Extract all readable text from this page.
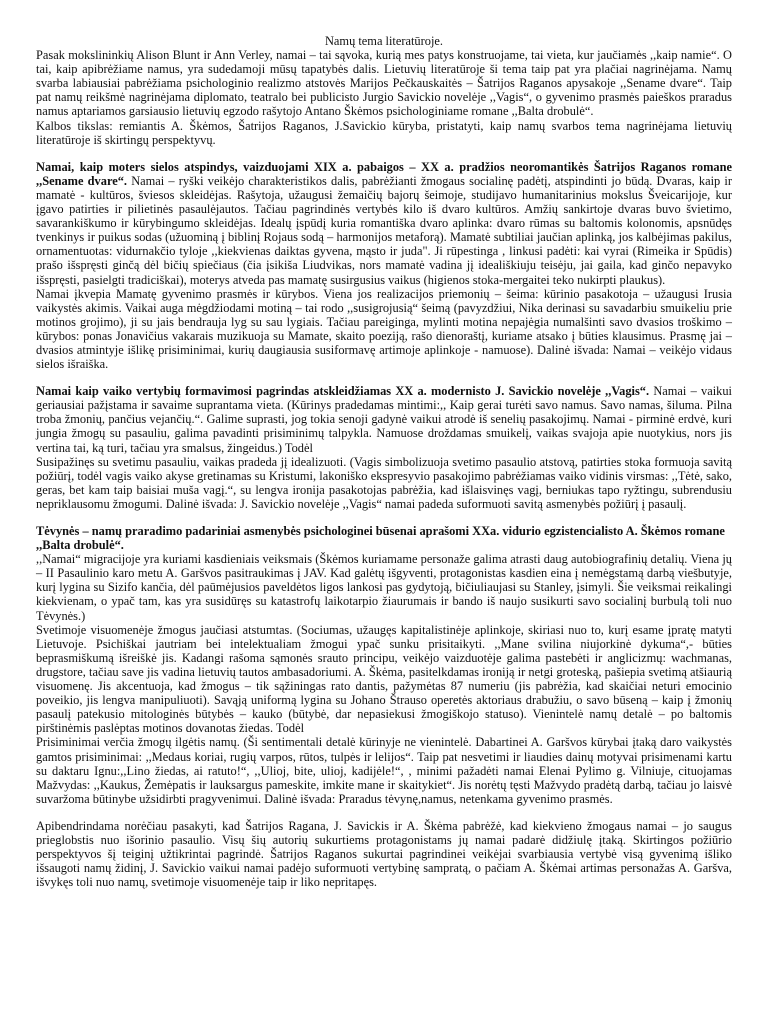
Namų tema literatūroje.

Pasak mokslininkių Alison Blunt ir Ann Verley, namai – tai sąvoka, kurią mes patys konstruojame, tai vieta, kur jaučiamės ,,kaip namie“. O tai, kaip apibrėžiame namus, yra sudedamoji mūsų tapatybės dalis. Lietuvių literatūroje ši tema taip pat yra plačiai nagrinėjama. Namų svarba labiausiai pabrėžiama psichologinio realizmo atstovės Marijos Pečkauskaitės – Šatrijos Raganos apysakoje ,,Sename dvare“. Taip pat namų reikšmė nagrinėjama diplomato, teatralo bei publicisto Jurgio Savickio novelėje ,,Vagis“, o gyvenimo prasmės paieškos praradus namus aptariamos garsiausio lietuvių egzodo rašytojo Antano Škėmos psichologiniame romane ,,Balta drobulė“.

Kalbos tikslas: remiantis A. Škėmos, Šatrijos Raganos, J.Savickio kūryba, pristatyti, kaip namų svarbos tema nagrinėjama lietuvių literatūroje iš skirtingų perspektyvų.

Namai, kaip moters sielos atspindys, vaizduojami XIX a. pabaigos – XX a. pradžios neoromantikės Šatrijos Raganos romane ,,Sename dvare“. Namai – ryški veikėjo charakteristikos dalis, pabrėžianti žmogaus socialinę padėtį, atspindinti jo būdą. Dvaras, kaip ir mamatė - kultūros, šviesos skleidėjas. Rašytoja, užaugusi žemaičių bajorų šeimoje, studijavo humanitarinius mokslus Šveicarijoje, kur įgavo patirties ir pilietinės pasaulėjautos. Tačiau pagrindinės vertybės kilo iš dvaro kultūros. Amžių sankirtoje dvaras buvo švietimo, savarankiškumo ir kūrybingumo skleidėjas. Idealų įspūdį kuria romantiška dvaro aplinka: dvaro rūmas su baltomis kolonomis, apsnūdęs tvenkinys ir puikus sodas (užuominą į biblinį Rojaus sodą – harmonijos metaforą). Mamatė subtiliai jaučian aplinką, jos kalbėjimas pakilus, ornamentuotas: vidurnakčio tyloje ,,kiekvienas daiktas gyvena, mąsto ir juda". Ji rūpestinga , linkusi padėti: kai vyrai (Rimeika ir Spūdis) prašo išspręsti ginčą dėl bičių spiečiaus (čia įsikiša Liudvikas, nors mamatė vadina jį ideališkiuju teisėju, jai gaila, kad ginčo nepavyko išspręsti, pasielgti tradiciškai), moterys atveda pas mamatę susirgusius vaikus (higienos stoka-mergaitei teko nukirpti plaukus).

Namai įkvepia Mamatę gyvenimo prasmės ir kūrybos. Viena jos realizacijos priemonių – šeima: kūrinio pasakotoja – užaugusi Irusia vaikystės akimis. Vaikai auga mėgdžiodami motiną – tai rodo ,,susigrojusią“ šeimą (pavyzdžiui, Nika derinasi su savadarbiu smuikeliu prie motinos grojimo), ji su jais bendrauja lyg su sau lygiais. Tačiau pareiginga, mylinti motina nepajėgia numalšinti savo dvasios troškimo – kūrybos: ponas Jonavičius vakarais muzikuoja su Mamate, skaito poeziją, rašo dienoraštį, kuriame atsako į būties klausimus. Prasmę jai – dvasios atmintyje išlikę prisiminimai, kurių daugiausia susiformavę artimoje aplinkoje - namuose). Dalinė išvada: Namai – veikėjo vidaus sielos išraiška.

Namai kaip vaiko vertybių formavimosi pagrindas atskleidžiamas XX a. modernisto J. Savickio novelėje ,,Vagis“. Namai – vaikui geriausiai pažįstama ir savaime suprantama vieta. (Kūrinys pradedamas mintimi:,, Kaip gerai turėti savo namus. Savo namas, šiluma. Pilna troba žmonių, pančius vejančių.“. Galime suprasti, jog tokia senoji gadynė vaikui atrodė iš senelių pasakojimų. Namai - pirminė erdvė, kuri jungia žmogų su pasauliu, galima pavadinti prisiminimų talpykla. Namuose droždamas smuikelį, vaikas svajoja apie nuotykius, nors jis vertina tai, ką turi, tačiau yra smalsus, žingeidus.) Todėl

Susipažinęs su svetimu pasauliu, vaikas pradeda jį idealizuoti. (Vagis simbolizuoja svetimo pasaulio atstovą, patirties stoka formuoja savitą požiūrį, todėl vagis vaiko akyse gretinamas su Kristumi, lakoniško ekspresyvio pasakojimo pabrėžiamas vaiko vidinis virsmas: ,,Tėtė, sako, geras, bet kam taip baisiai muša vagį.“, su lengva ironija pasakotojas pabrėžia, kad išlaisvinęs vagį, berniukas tapo ryžtingu, subrendusiu nepriklausomu žmogumi. Dalinė išvada: J. Savickio novelėje ,,Vagis“ namai padeda suformuoti savitą asmenybės požiūrį į pasaulį.

Tėvynės – namų praradimo padariniai asmenybės psichologinei būsenai aprašomi XXa. vidurio egzistencialisto A. Škėmos romane ,,Balta drobulė“.

,,Namai“ migracijoje yra kuriami kasdieniais veiksmais (Škėmos kuriamame personaže galima atrasti daug autobiografinių detalių. Viena jų – II Pasaulinio karo metu A. Garšvos pasitraukimas į JAV. Kad galėtų išgyventi, protagonistas kasdien eina į nemėgstamą darbą viešbutyje, kurį lygina su Sizifo kančia, dėl paūmėjusios paveldėtos ligos lankosi pas gydytoją, bičiuliaujasi su Stanley, įsimyli. Šie veiksmai reikalingi kiekvienam, o ypač tam, kas yra susidūręs su katastrofų laikotarpio žiaurumais ir bando iš naujo susikurti savo socialinį burbulą toli nuo Tėvynės.)

Svetimoje visuomenėje žmogus jaučiasi atstumtas. (Sociumas, užaugęs kapitalistinėje aplinkoje, skiriasi nuo to, kurį esame įpratę matyti Lietuvoje. Psichiškai jautriam bei intelektualiam žmogui ypač sunku prisitaikyti. ,,Mane svilina niujorkinė dykuma“,- būties beprasmiškumą išreiškė jis. Kadangi rašoma sąmonės srauto principu, veikėjo vaizduotėje galima pastebėti ir anglicizmų: wachmanas, drugstore, tačiau save jis vadina lietuvių tautos ambasadoriumi. A. Škėma, pasitelkdamas ironiją ir netgi groteską, pašiepia svetimą atšiaurią visuomenę. Jis akcentuoja, kad žmogus – tik sąžiningas rato dantis, pažymėtas 87 numeriu (jis pabrėžia, kad skaičiai neturi emocinio poveikio, jis lengva manipuliuoti). Savąją uniformą lygina su Johano Štrauso operetės aktoriaus drabužiu, o savo būseną – kaip į žmonių pasaulį patekusio mitologinės būtybės – kauko (būtybė, dar nepasiekusi žmogiškojo statuso). Vienintelė namų detalė – po baltomis pirštinėmis paslėptas motinos dovanotas žiedas. Todėl

Prisiminimai verčia žmogų ilgėtis namų. (Ši sentimentali detalė kūrinyje ne vienintelė. Dabartinei A. Garšvos kūrybai įtaką daro vaikystės gamtos prisiminimai: ,,Medaus koriai, rugių varpos, rūtos, tulpės ir lelijos“. Taip pat nesvetimi ir liaudies dainų motyvai prisimenami kartu su daktaru Ignu:,,Lino žiedas, ai ratuto!“, ,,Ulioj, bite, ulioj, kadijėle!“, , minimi pažadėti namai Elenai Pylimo g. Vilniuje, cituojamas Mažvydas: ,,Kaukus, Žemėpatis ir lauksargus pameskite, imkite mane ir skaitykiet“. Jis norėtų tęsti Mažvydo pradėtą darbą, tačiau jo laisvė suvaržoma būtinybe užsidirbti pragyvenimui. Dalinė išvada: Praradus tėvynę,namus, netenkama gyvenimo prasmės.

Apibendrindama norėčiau pasakyti, kad Šatrijos Ragana, J. Savickis ir A. Škėma pabrėžė, kad kiekvieno žmogaus namai – jo saugus prieglobstis nuo išorinio pasaulio. Visų šių autorių sukurtiems protagonistams jų namai padarė didžiulę įtaką. Skirtingos požiūrio perspektyvos šį teiginį užtikrintai pagrindė. Šatrijos Raganos sukurtai pagrindinei veikėjai svarbiausia vertybė visą gyvenimą išliko išsaugoti namų židinį, J. Savickio vaikui namai padėjo suformuoti vertybinę sampratą, o pačiam A. Škėmai artimas personažas A. Garšva, išvykęs toli nuo namų, svetimoje visuomenėje taip ir liko nepritapęs.
